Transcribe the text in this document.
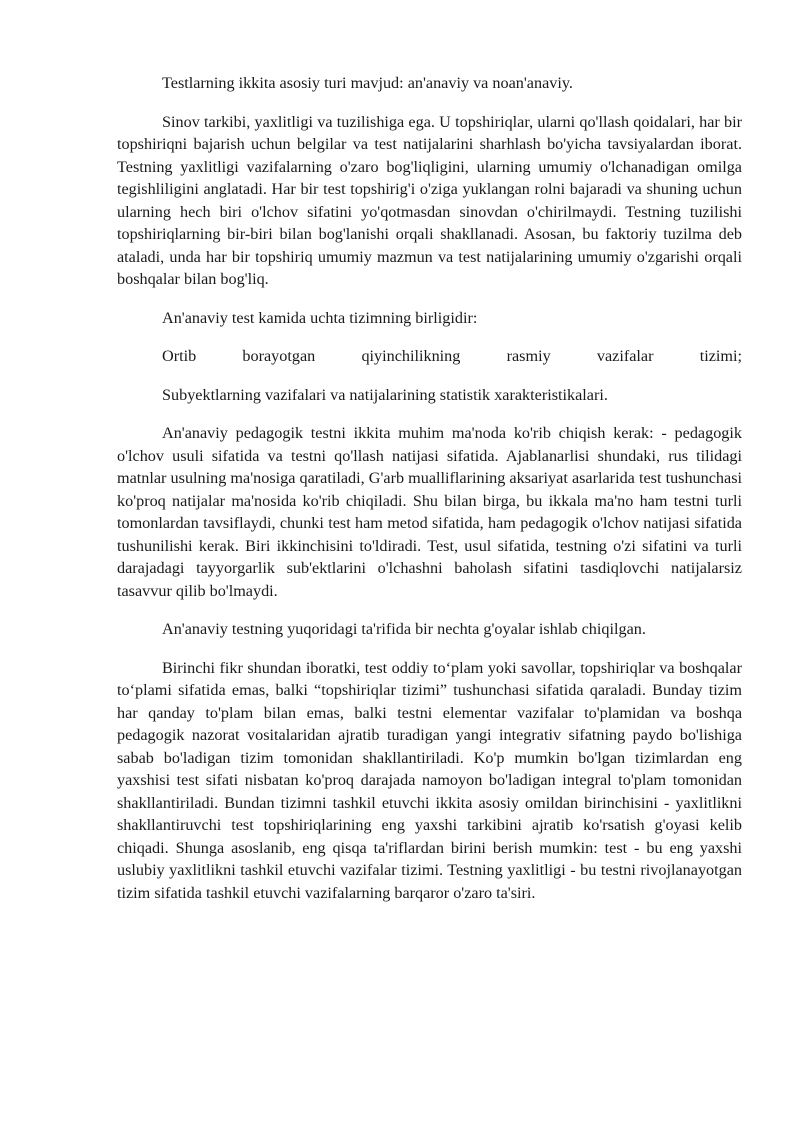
Testlarning ikkita asosiy turi mavjud: an'anaviy va noan'anaviy.

Sinov tarkibi, yaxlitligi va tuzilishiga ega. U topshiriqlar, ularni qo'llash qoidalari, har bir topshiriqni bajarish uchun belgilar va test natijalarini sharhlash bo'yicha tavsiyalardan iborat. Testning yaxlitligi vazifalarning o'zaro bog'liqligini, ularning umumiy o'lchanadigan omilga tegishliligini anglatadi. Har bir test topshirig'i o'ziga yuklangan rolni bajaradi va shuning uchun ularning hech biri o'lchov sifatini yo'qotmasdan sinovdan o'chirilmaydi. Testning tuzilishi topshiriqlarning bir-biri bilan bog'lanishi orqali shakllanadi. Asosan, bu faktoriy tuzilma deb ataladi, unda har bir topshiriq umumiy mazmun va test natijalarining umumiy o'zgarishi orqali boshqalar bilan bog'liq.

An'anaviy test kamida uchta tizimning birligidir:

Ortib borayotgan qiyinchilikning rasmiy vazifalar tizimi;

Subyektlarning vazifalari va natijalarining statistik xarakteristikalari.

An'anaviy pedagogik testni ikkita muhim ma'noda ko'rib chiqish kerak: - pedagogik o'lchov usuli sifatida va testni qo'llash natijasi sifatida. Ajablanarlisi shundaki, rus tilidagi matnlar usulning ma'nosiga qaratiladi, G'arb mualliflarining aksariyat asarlarida test tushunchasi ko'proq natijalar ma'nosida ko'rib chiqiladi. Shu bilan birga, bu ikkala ma'no ham testni turli tomonlardan tavsiflaydi, chunki test ham metod sifatida, ham pedagogik o'lchov natijasi sifatida tushunilishi kerak. Biri ikkinchisini to'ldiradi. Test, usul sifatida, testning o'zi sifatini va turli darajadagi tayyorgarlik sub'ektlarini o'lchashni baholash sifatini tasdiqlovchi natijalarsiz tasavvur qilib bo'lmaydi.

An'anaviy testning yuqoridagi ta'rifida bir nechta g'oyalar ishlab chiqilgan.

Birinchi fikr shundan iboratki, test oddiy to‘plam yoki savollar, topshiriqlar va boshqalar to‘plami sifatida emas, balki “topshiriqlar tizimi” tushunchasi sifatida qaraladi. Bunday tizim har qanday to'plam bilan emas, balki testni elementar vazifalar to'plamidan va boshqa pedagogik nazorat vositalaridan ajratib turadigan yangi integrativ sifatning paydo bo'lishiga sabab bo'ladigan tizim tomonidan shakllantiriladi. Ko'p mumkin bo'lgan tizimlardan eng yaxshisi test sifati nisbatan ko'proq darajada namoyon bo'ladigan integral to'plam tomonidan shakllantiriladi. Bundan tizimni tashkil etuvchi ikkita asosiy omildan birinchisini - yaxlitlikni shakllantiruvchi test topshiriqlarining eng yaxshi tarkibini ajratib ko'rsatish g'oyasi kelib chiqadi. Shunga asoslanib, eng qisqa ta'riflardan birini berish mumkin: test - bu eng yaxshi uslubiy yaxlitlikni tashkil etuvchi vazifalar tizimi. Testning yaxlitligi - bu testni rivojlanayotgan tizim sifatida tashkil etuvchi vazifalarning barqaror o'zaro ta'siri.
